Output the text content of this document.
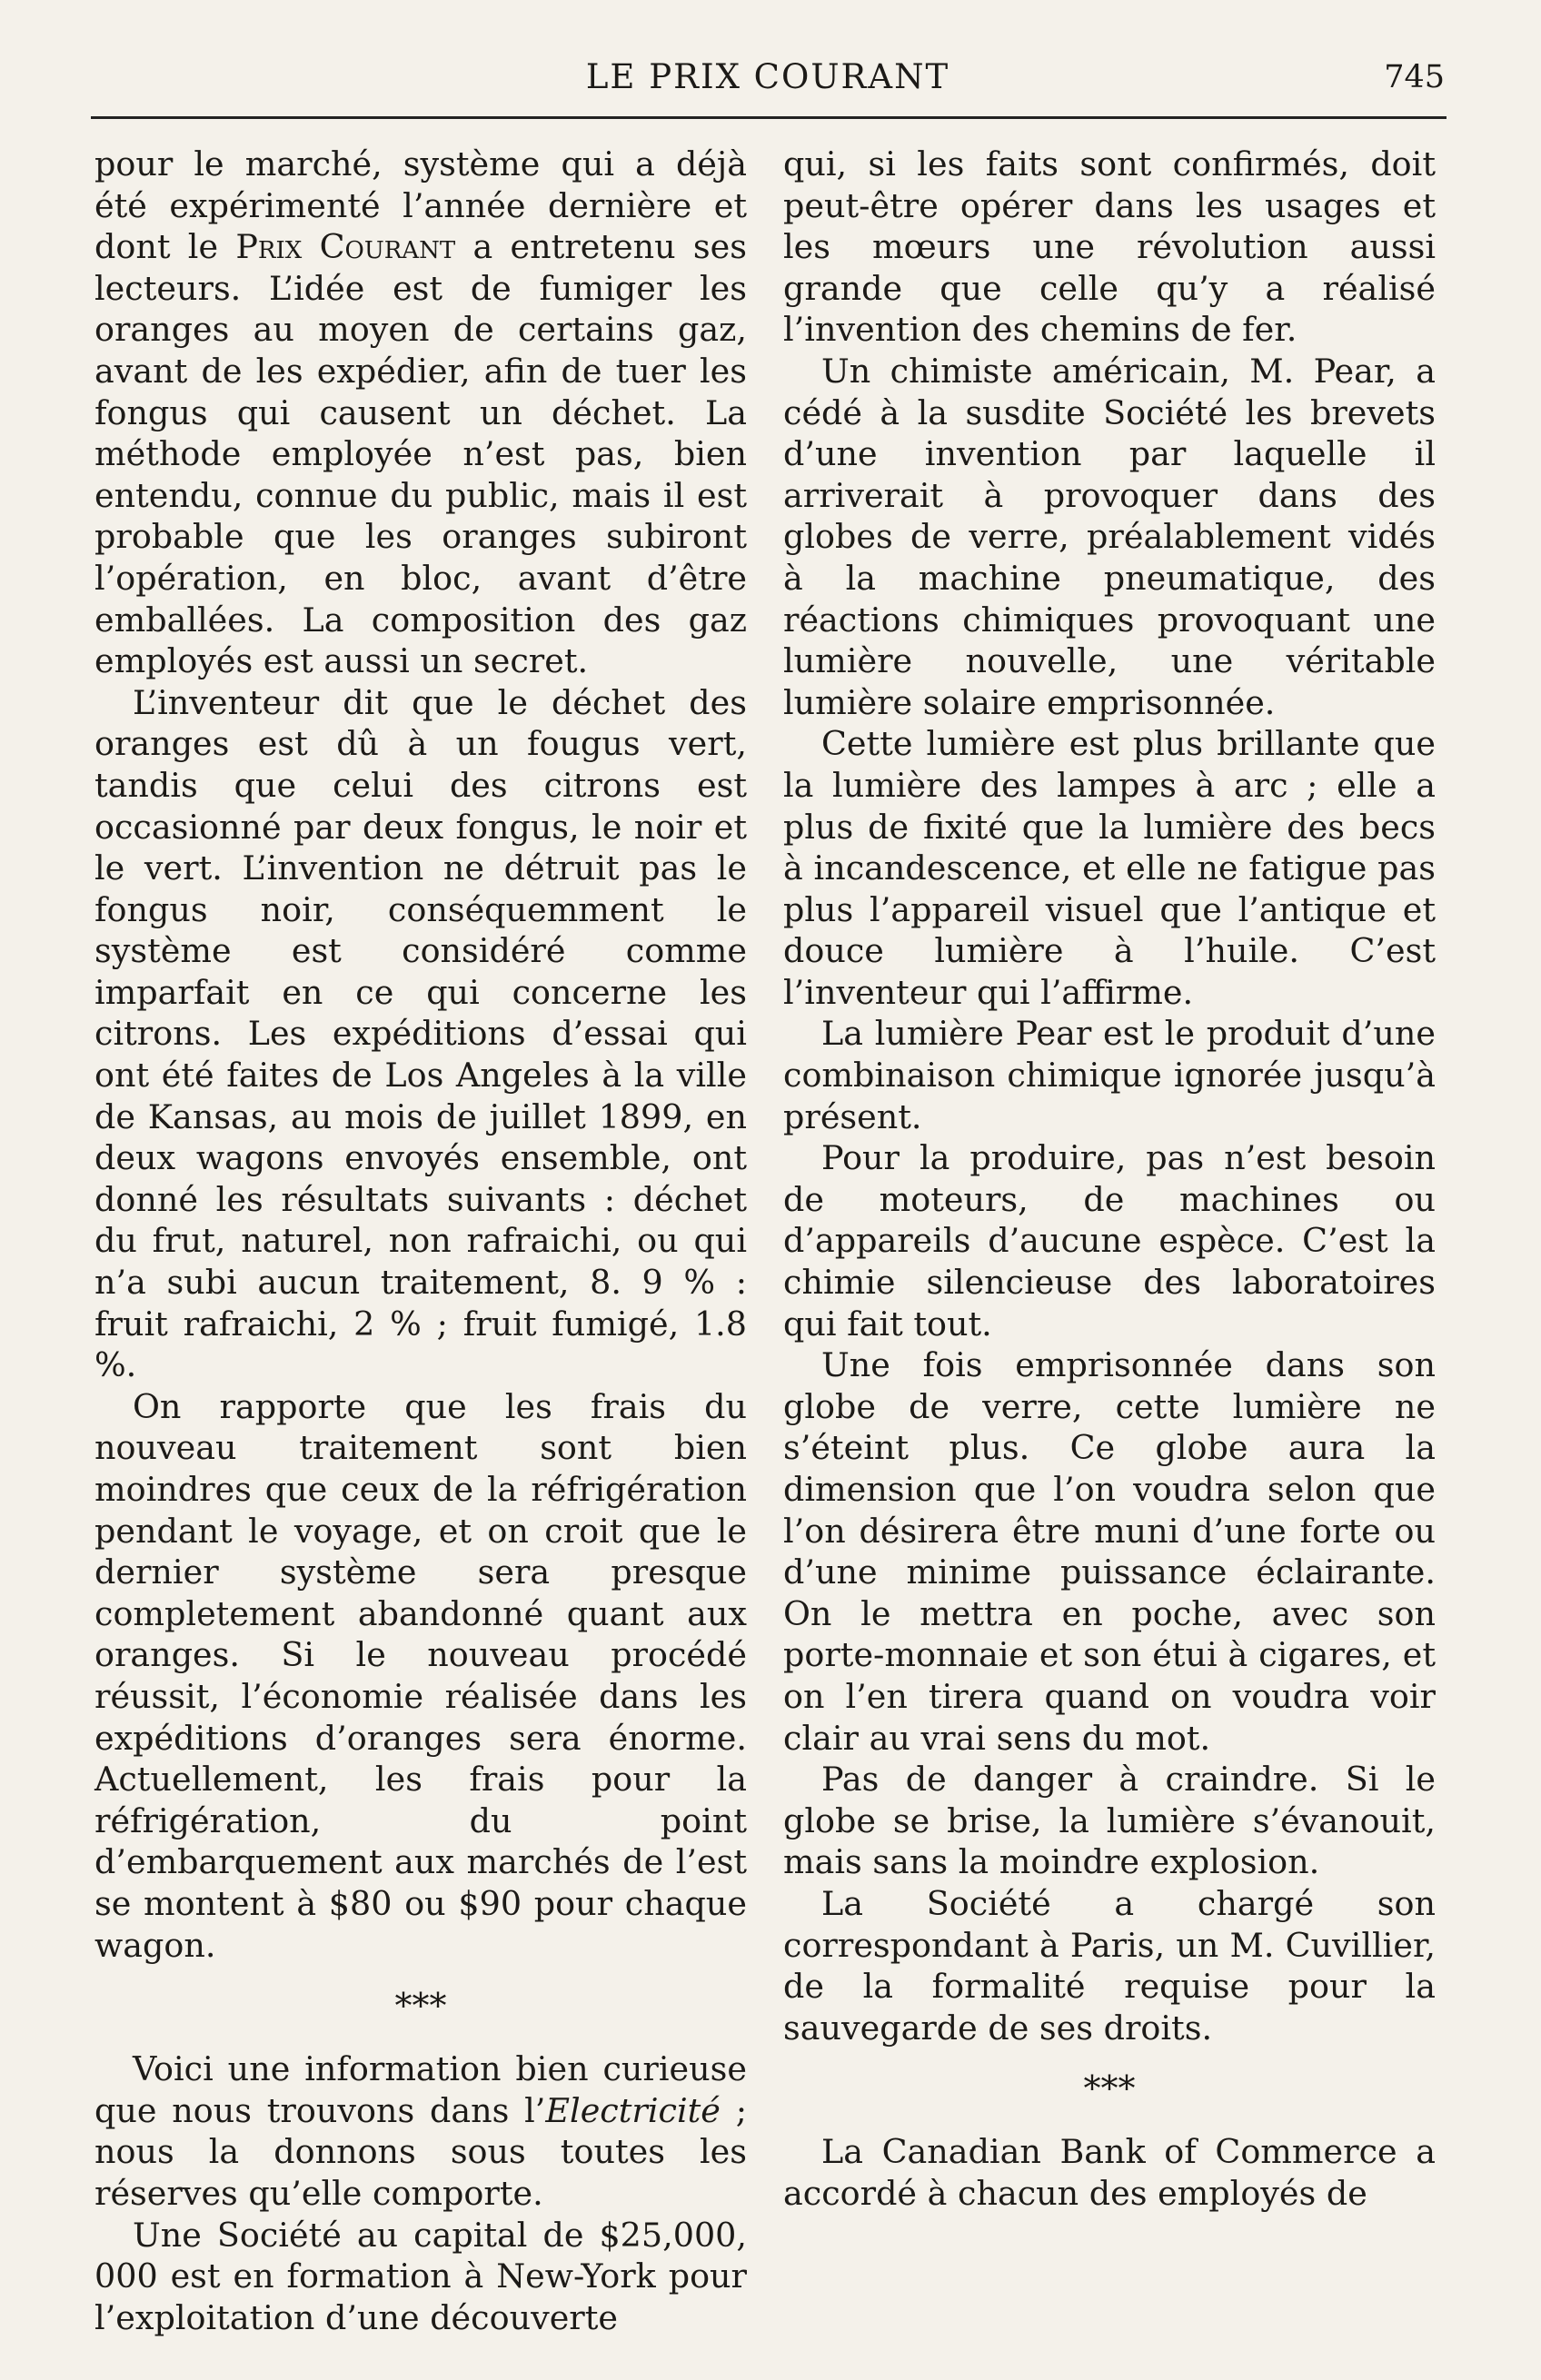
LE PRIX COURANT	745

pour le marché, système qui a déjà été expérimenté l’année dernière et dont le Prix Courant a entretenu ses lecteurs. L’idée est de fumiger les oranges au moyen de certains gaz, avant de les expédier, afin de tuer les fongus qui causent un déchet. La méthode employée n’est pas, bien entendu, connue du public, mais il est probable que les oranges subiront l’opération, en bloc, avant d’être emballées. La composition des gaz employés est aussi un secret.

L’inventeur dit que le déchet des oranges est dû à un fougus vert, tandis que celui des citrons est occasionné par deux fongus, le noir et le vert. L’invention ne détruit pas le fongus noir, conséquemment le système est considéré comme imparfait en ce qui concerne les citrons. Les expéditions d’essai qui ont été faites de Los Angeles à la ville de Kansas, au mois de juillet 1899, en deux wagons envoyés ensemble, ont donné les résultats suivants : déchet du frut, naturel, non rafraichi, ou qui n’a subi aucun traitement, 8. 9 % : fruit rafraichi, 2 % ; fruit fumigé, 1.8 %.

On rapporte que les frais du nouveau traitement sont bien moindres que ceux de la réfrigération pendant le voyage, et on croit que le dernier système sera presque completement abandonné quant aux oranges. Si le nouveau procédé réussit, l’économie réalisée dans les expéditions d’oranges sera énorme. Actuellement, les frais pour la réfrigération, du point d’embarquement aux marchés de l’est se montent à $80 ou $90 pour chaque wagon.

***

Voici une information bien curieuse que nous trouvons dans l’Electricité ; nous la donnons sous toutes les réserves qu’elle comporte.

Une Société au capital de $25,000, 000 est en formation à New-York pour l’exploitation d’une découverte

qui, si les faits sont confirmés, doit peut-être opérer dans les usages et les mœurs une révolution aussi grande que celle qu’y a réalisé l’invention des chemins de fer.

Un chimiste américain, M. Pear, a cédé à la susdite Société les brevets d’une invention par laquelle il arriverait à provoquer dans des globes de verre, préalablement vidés à la machine pneumatique, des réactions chimiques provoquant une lumière nouvelle, une véritable lumière solaire emprisonnée.

Cette lumière est plus brillante que la lumière des lampes à arc ; elle a plus de fixité que la lumière des becs à incandescence, et elle ne fatigue pas plus l’appareil visuel que l’antique et douce lumière à l’huile. C’est l’inventeur qui l’affirme.

La lumière Pear est le produit d’une combinaison chimique ignorée jusqu’à présent.

Pour la produire, pas n’est besoin de moteurs, de machines ou d’appareils d’aucune espèce. C’est la chimie silencieuse des laboratoires qui fait tout.

Une fois emprisonnée dans son globe de verre, cette lumière ne s’éteint plus. Ce globe aura la dimension que l’on voudra selon que l’on désirera être muni d’une forte ou d’une minime puissance éclairante. On le mettra en poche, avec son porte-monnaie et son étui à cigares, et on l’en tirera quand on voudra voir clair au vrai sens du mot.

Pas de danger à craindre. Si le globe se brise, la lumière s’évanouit, mais sans la moindre explosion.

La Société a chargé son correspondant à Paris, un M. Cuvillier, de la formalité requise pour la sauvegarde de ses droits.

***

La Canadian Bank of Commerce a accordé à chacun des employés de
